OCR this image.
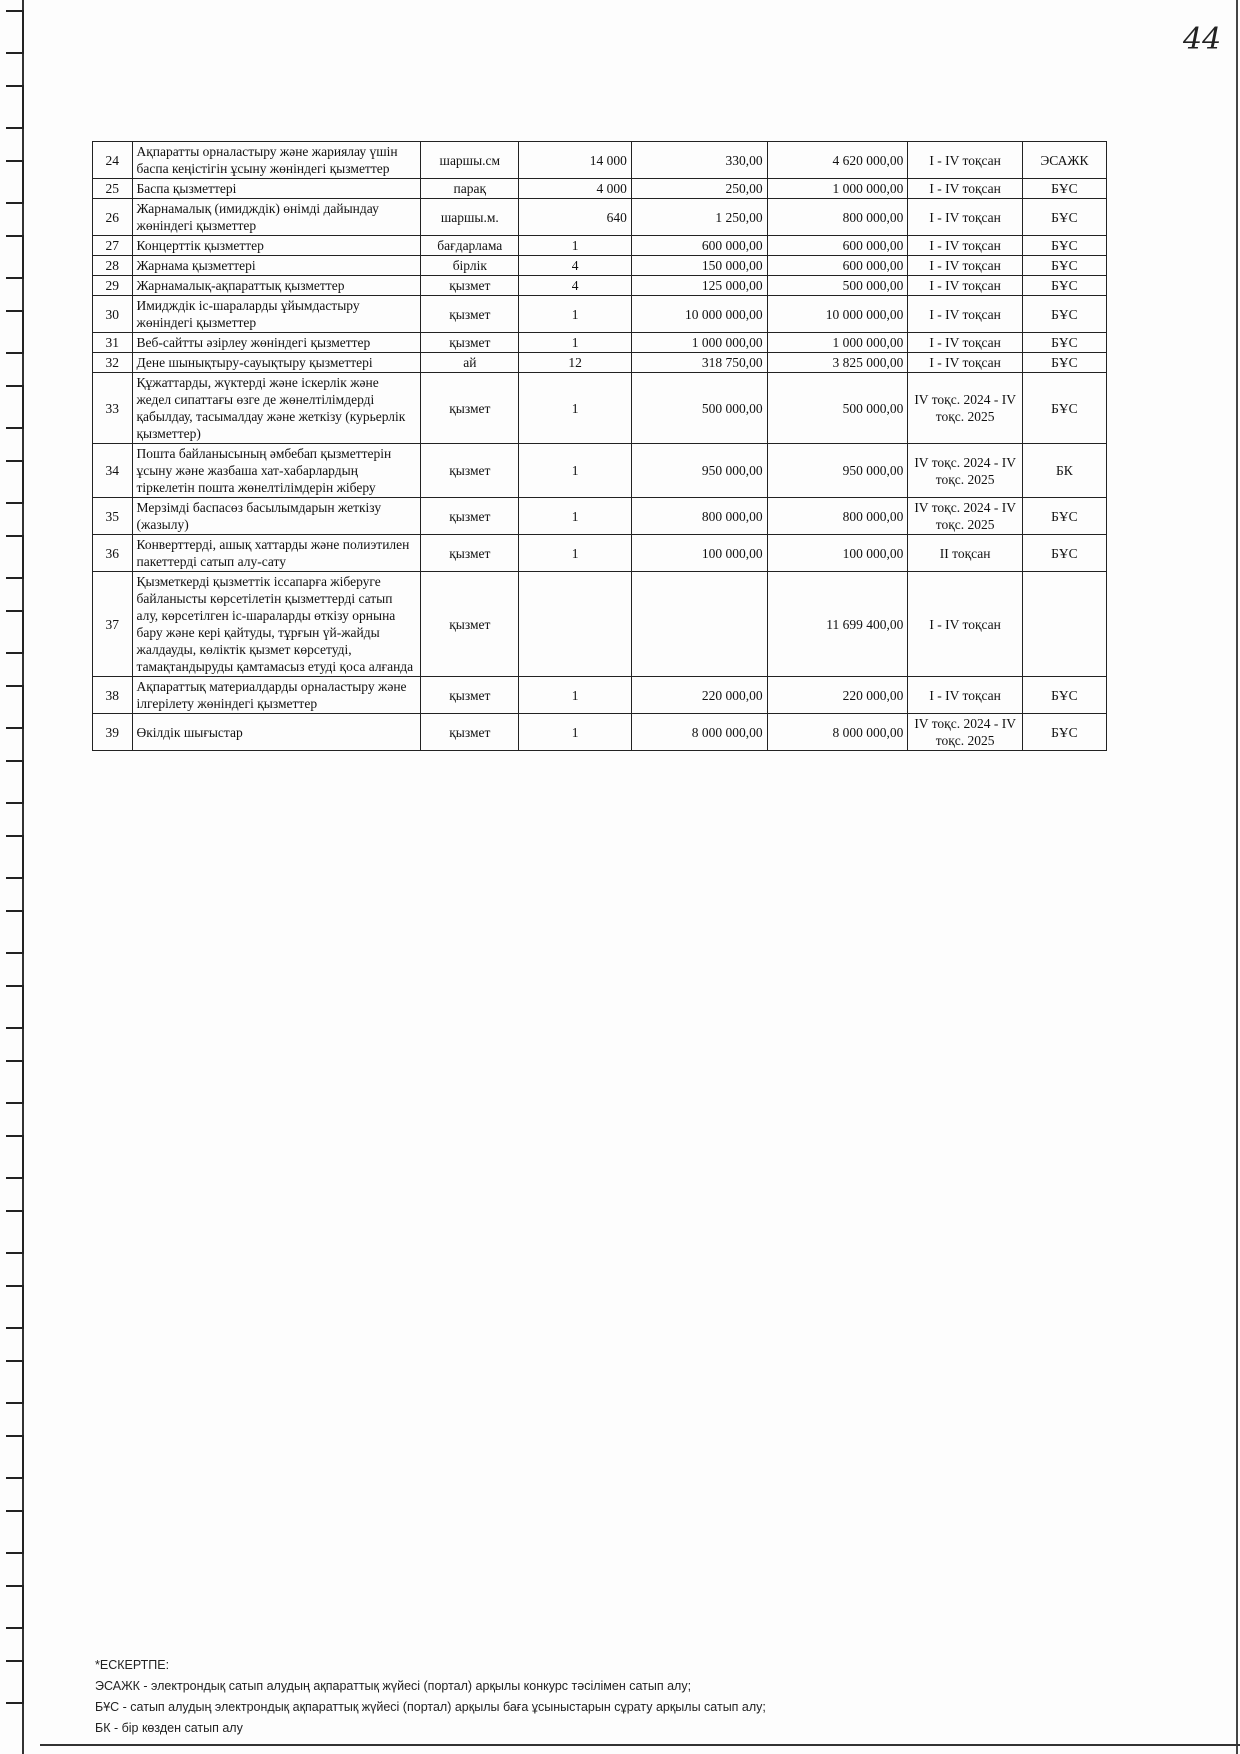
44
24	Ақпаратты орналастыру және жариялау үшін баспа кеңістігін ұсыну жөніндегі қызметтер	шаршы.см	14 000	330,00	4 620 000,00	I - IV тоқсан	ЭСАЖК
25	Баспа қызметтері	парақ	4 000	250,00	1 000 000,00	I - IV тоқсан	БҰС
26	Жарнамалық (имидждік) өнімді дайындау жөніндегі қызметтер	шаршы.м.	640	1 250,00	800 000,00	I - IV тоқсан	БҰС
27	Концерттік қызметтер	бағдарлама	1	600 000,00	600 000,00	I - IV тоқсан	БҰС
28	Жарнама қызметтері	бірлік	4	150 000,00	600 000,00	I - IV тоқсан	БҰС
29	Жарнамалық-ақпараттық қызметтер	қызмет	4	125 000,00	500 000,00	I - IV тоқсан	БҰС
30	Имидждік іс-шараларды ұйымдастыру жөніндегі қызметтер	қызмет	1	10 000 000,00	10 000 000,00	I - IV тоқсан	БҰС
31	Веб-сайтты әзірлеу жөніндегі қызметтер	қызмет	1	1 000 000,00	1 000 000,00	I - IV тоқсан	БҰС
32	Дене шынықтыру-сауықтыру қызметтері	ай	12	318 750,00	3 825 000,00	I - IV тоқсан	БҰС
33	Құжаттарды, жүктерді және іскерлік және жедел сипаттағы өзге де жөнелтілімдерді қабылдау, тасымалдау және жеткізу (курьерлік қызметтер)	қызмет	1	500 000,00	500 000,00	IV тоқс. 2024 - IV тоқс. 2025	БҰС
34	Пошта байланысының әмбебап қызметтерін ұсыну және жазбаша хат-хабарлардың тіркелетін пошта жөнелтілімдерін жіберу	қызмет	1	950 000,00	950 000,00	IV тоқс. 2024 - IV тоқс. 2025	БК
35	Мерзімді баспасөз басылымдарын жеткізу (жазылу)	қызмет	1	800 000,00	800 000,00	IV тоқс. 2024 - IV тоқс. 2025	БҰС
36	Конверттерді, ашық хаттарды және полиэтилен пакеттерді сатып алу-сату	қызмет	1	100 000,00	100 000,00	II тоқсан	БҰС
37	Қызметкерді қызметтік іссапарға жіберуге байланысты көрсетілетін қызметтерді сатып алу, көрсетілген іс-шараларды өткізу орнына бару және кері қайтуды, тұрғын үй-жайды жалдауды, көліктік қызмет көрсетуді, тамақтандыруды қамтамасыз етуді қоса алғанда	қызмет			11 699 400,00	I - IV тоқсан	
38	Ақпараттық материалдарды орналастыру және ілгерілету жөніндегі қызметтер	қызмет	1	220 000,00	220 000,00	I - IV тоқсан	БҰС
39	Өкілдік шығыстар	қызмет	1	8 000 000,00	8 000 000,00	IV тоқс. 2024 - IV тоқс. 2025	БҰС
*ЕСКЕРТПЕ:
ЭСАЖК - электрондық сатып алудың ақпараттық жүйесі (портал) арқылы конкурс тәсілімен сатып алу;
БҰС - сатып алудың электрондық ақпараттық жүйесі (портал) арқылы баға ұсыныстарын сұрату арқылы сатып алу;
БК - бір көзден сатып алу
